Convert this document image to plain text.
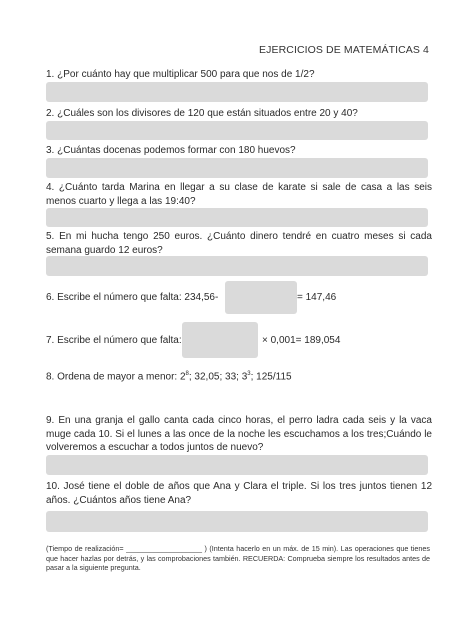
EJERCICIOS DE MATEMÁTICAS 4
1. ¿Por cuánto hay que multiplicar 500 para que nos de 1/2?
2. ¿Cuáles son los divisores de 120 que están situados entre 20 y 40?
3. ¿Cuántas docenas podemos formar con 180 huevos?
4. ¿Cuánto tarda Marina en llegar a su clase de karate si sale de casa a las seis menos cuarto y llega a las 19:40?
5. En mi hucha tengo 250 euros. ¿Cuánto dinero tendré en cuatro meses si cada semana guardo 12 euros?
6. Escribe el número que falta: 234,56-	= 147,46
7. Escribe el número que falta:	× 0,001= 189,054
8. Ordena de mayor a menor: $2^8$; 32,05; 33; $3^3$; 125/115
9. En una granja el gallo canta cada cinco horas, el perro ladra cada seis y la vaca muge cada 10. Si el lunes a las once de la noche les escuchamos a los tres;Cuándo le volveremos a escuchar a todos juntos de nuevo?
10. José tiene el doble de años que Ana y Clara el triple. Si los tres juntos tienen 12 años. ¿Cuántos años tiene Ana?
(Tiempo de realización= ___________________ ) (Intenta hacerlo en un máx. de 15 min). Las operaciones que tienes que hacer hazlas por detrás, y las comprobaciones también. RECUERDA: Comprueba siempre los resultados antes de pasar a la siguiente pregunta.
